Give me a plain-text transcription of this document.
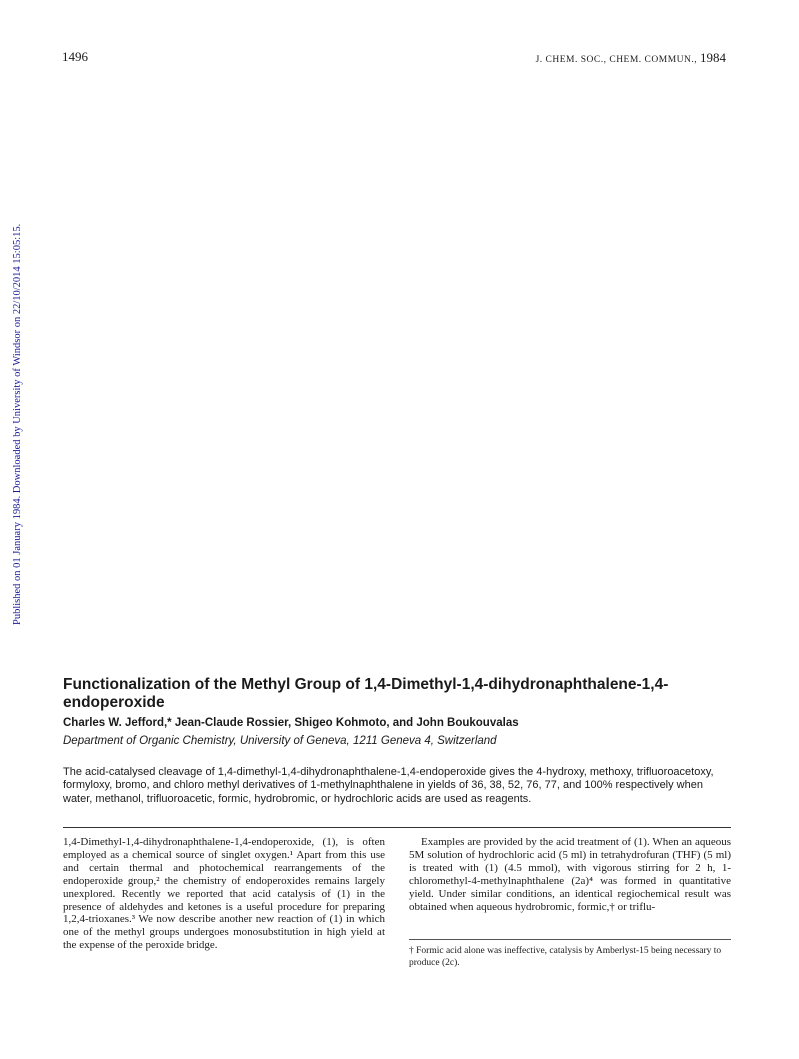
1496	J. CHEM. SOC., CHEM. COMMUN., 1984
Published on 01 January 1984. Downloaded by University of Windsor on 22/10/2014 15:05:15.
Functionalization of the Methyl Group of 1,4-Dimethyl-1,4-dihydronaphthalene-1,4-endoperoxide
Charles W. Jefford,* Jean-Claude Rossier, Shigeo Kohmoto, and John Boukouvalas
Department of Organic Chemistry, University of Geneva, 1211 Geneva 4, Switzerland
The acid-catalysed cleavage of 1,4-dimethyl-1,4-dihydronaphthalene-1,4-endoperoxide gives the 4-hydroxy, methoxy, trifluoroacetoxy, formyloxy, bromo, and chloro methyl derivatives of 1-methylnaphthalene in yields of 36, 38, 52, 76, 77, and 100% respectively when water, methanol, trifluoroacetic, formic, hydrobromic, or hydrochloric acids are used as reagents.

1,4-Dimethyl-1,4-dihydronaphthalene-1,4-endoperoxide, (1), is often employed as a chemical source of singlet oxygen.¹ Apart from this use and certain thermal and photochemical rearrangements of the endoperoxide group,² the chemistry of endoperoxides remains largely unexplored. Recently we reported that acid catalysis of (1) in the presence of aldehydes and ketones is a useful procedure for preparing 1,2,4-trioxanes.³ We now describe another new reaction of (1) in which one of the methyl groups undergoes monosubstitution in high yield at the expense of the peroxide bridge.

Examples are provided by the acid treatment of (1). When an aqueous 5M solution of hydrochloric acid (5 ml) in tetrahydrofuran (THF) (5 ml) is treated with (1) (4.5 mmol), with vigorous stirring for 2 h, 1-chloromethyl-4-methylnaphthalene (2a)⁴ was formed in quantitative yield. Under similar conditions, an identical regiochemical result was obtained when aqueous hydrobromic, formic,† or triflu-

† Formic acid alone was ineffective, catalysis by Amberlyst-15 being necessary to produce (2c).
